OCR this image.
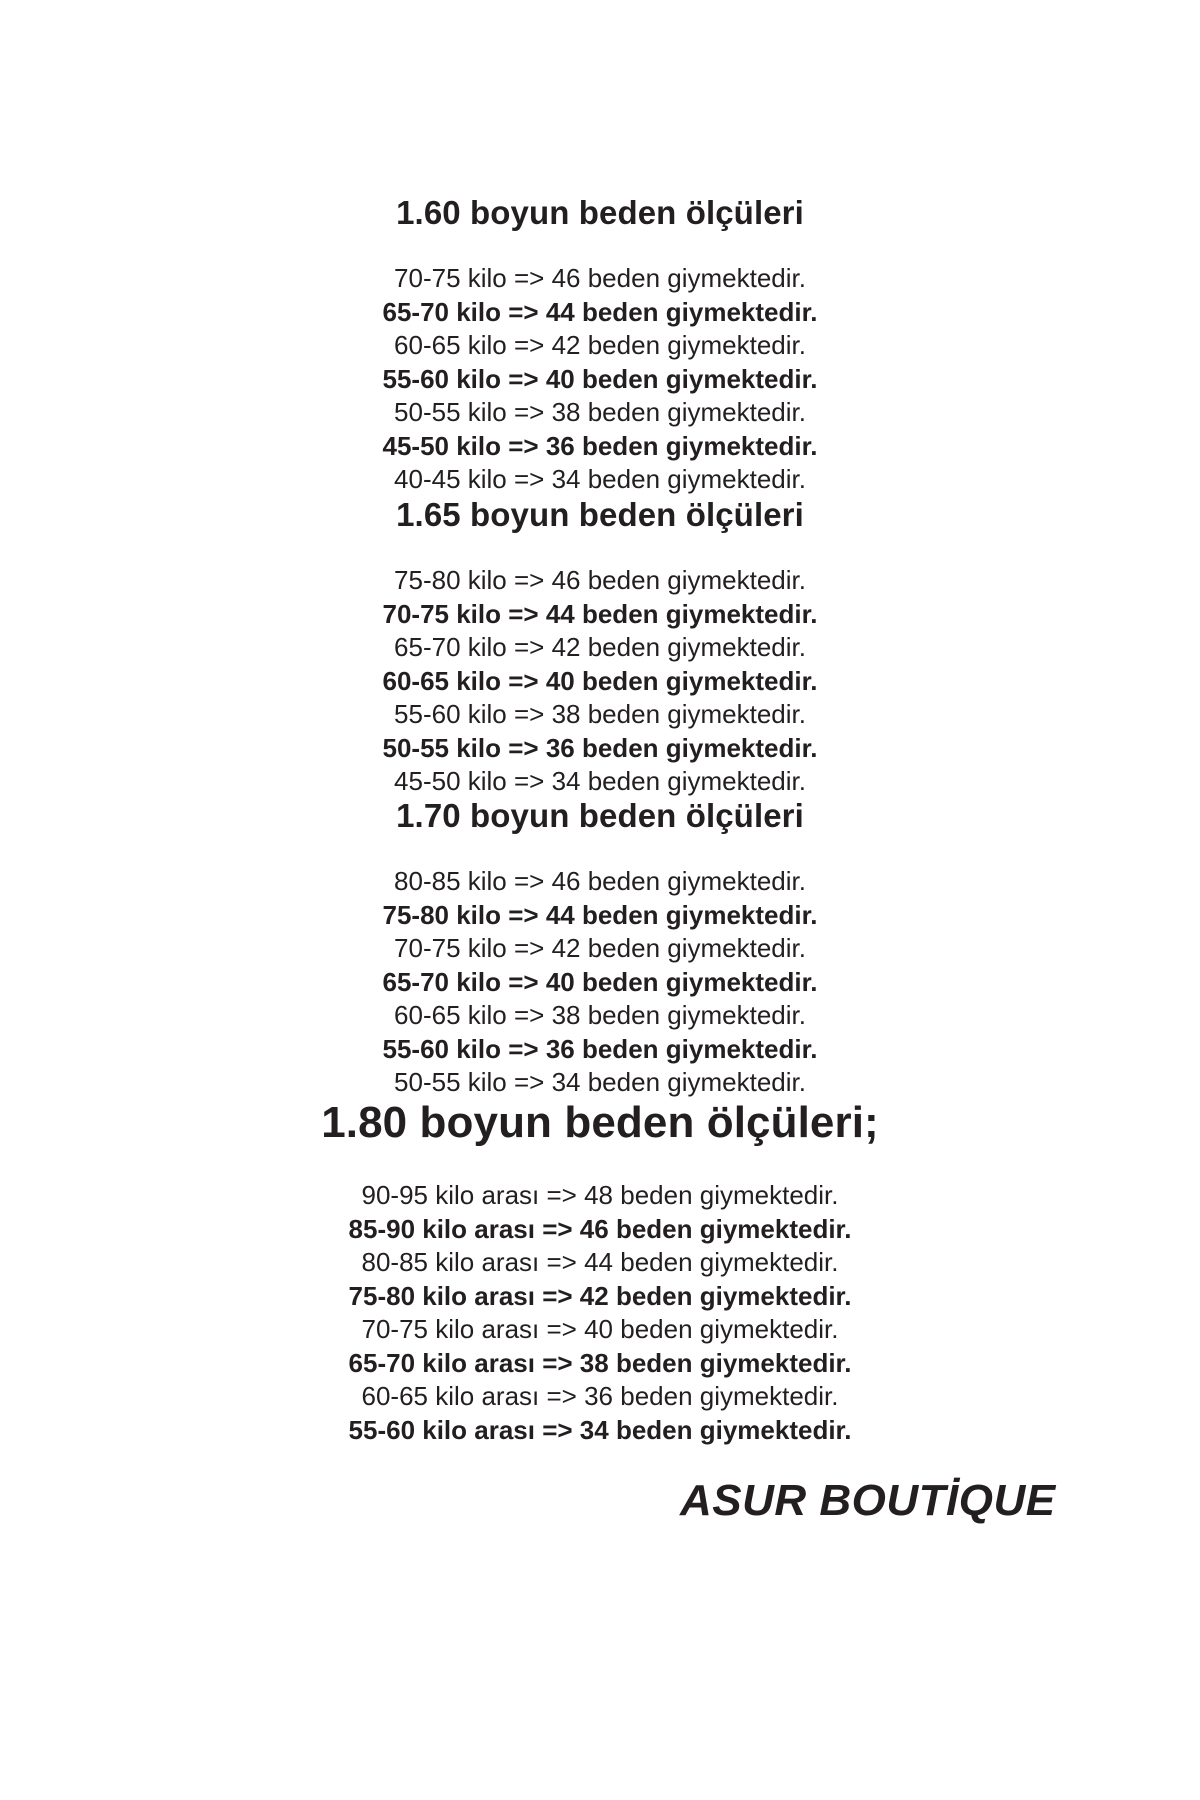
1.60 boyun beden ölçüleri
70-75 kilo => 46 beden giymektedir.
65-70 kilo => 44 beden giymektedir.
60-65 kilo => 42 beden giymektedir.
55-60 kilo => 40 beden giymektedir.
50-55 kilo => 38 beden giymektedir.
45-50 kilo => 36 beden giymektedir.
40-45 kilo => 34 beden giymektedir.
1.65 boyun beden ölçüleri
75-80 kilo => 46 beden giymektedir.
70-75 kilo => 44 beden giymektedir.
65-70 kilo => 42 beden giymektedir.
60-65 kilo => 40 beden giymektedir.
55-60 kilo => 38 beden giymektedir.
50-55 kilo => 36 beden giymektedir.
45-50 kilo => 34 beden giymektedir.
1.70 boyun beden ölçüleri
80-85 kilo => 46 beden giymektedir.
75-80 kilo => 44 beden giymektedir.
70-75 kilo => 42 beden giymektedir.
65-70 kilo => 40 beden giymektedir.
60-65 kilo => 38 beden giymektedir.
55-60 kilo => 36 beden giymektedir.
50-55 kilo => 34 beden giymektedir.
1.80 boyun beden ölçüleri;
90-95 kilo arası => 48 beden giymektedir.
85-90 kilo arası => 46 beden giymektedir.
80-85 kilo arası => 44 beden giymektedir.
75-80 kilo arası => 42 beden giymektedir.
70-75 kilo arası => 40 beden giymektedir.
65-70 kilo arası => 38 beden giymektedir.
60-65 kilo arası => 36 beden giymektedir.
55-60 kilo arası => 34 beden giymektedir.
ASUR BOUTİQUE
